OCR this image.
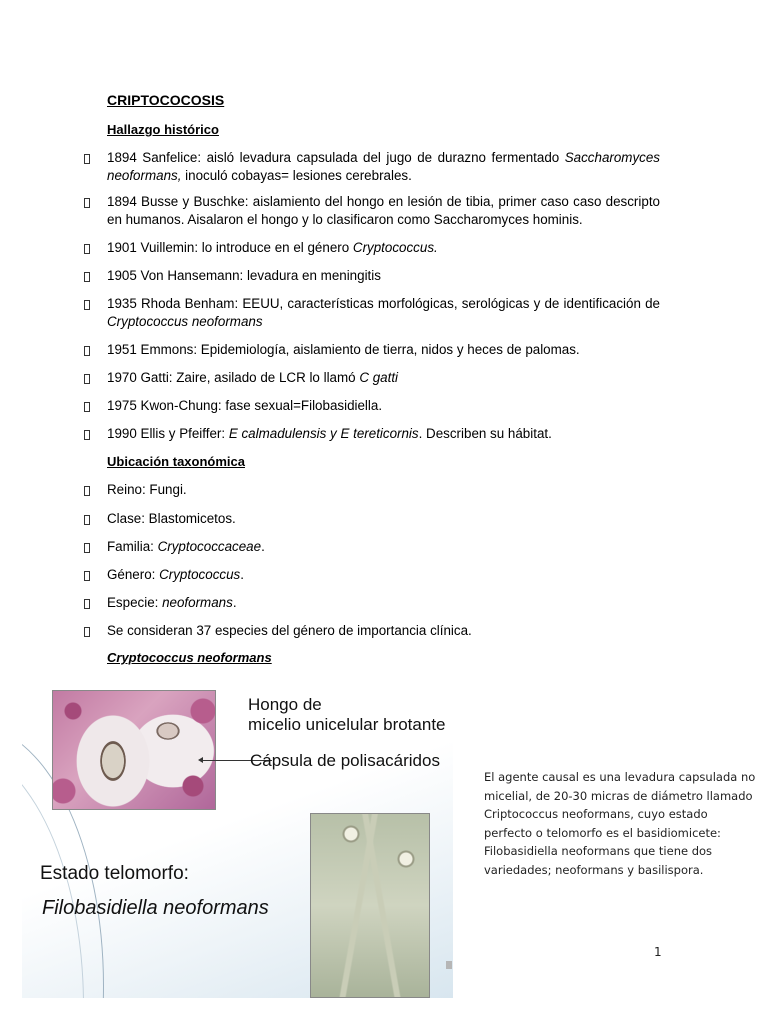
CRIPTOCOCOSIS
Hallazgo histórico
1894 Sanfelice: aisló levadura capsulada del jugo de durazno fermentado Saccharomyces neoformans, inoculó cobayas= lesiones cerebrales.
1894 Busse y Buschke: aislamiento del hongo en lesión de tibia, primer caso caso descripto en humanos. Aisalaron el hongo y lo clasificaron como Saccharomyces hominis.
1901 Vuillemin: lo introduce en el género Cryptococcus.
1905 Von Hansemann: levadura en meningitis
1935 Rhoda Benham: EEUU, características morfológicas, serológicas y de identificación de Cryptococcus neoformans
1951 Emmons: Epidemiología, aislamiento de tierra, nidos y heces de palomas.
1970 Gatti: Zaire, asilado de LCR lo llamó C gatti
1975 Kwon-Chung: fase sexual=Filobasidiella.
1990 Ellis y Pfeiffer: E calmadulensis y E tereticornis. Describen su hábitat.
Ubicación taxonómica
Reino: Fungi.
Clase: Blastomicetos.
Familia: Cryptococcaceae.
Género: Cryptococcus.
Especie: neoformans.
Se consideran 37 especies del género de importancia clínica.
Cryptococcus neoformans
Hongo de
micelio unicelular brotante
Cápsula de polisacáridos
Estado telomorfo:
Filobasidiella neoformans
El agente causal es una levadura capsulada no micelial, de 20-30 micras de diámetro llamado Criptococcus neoformans, cuyo estado perfecto o telomorfo es el basidiomicete: Filobasidiella neoformans que tiene dos variedades; neoformans y basilispora.
1
